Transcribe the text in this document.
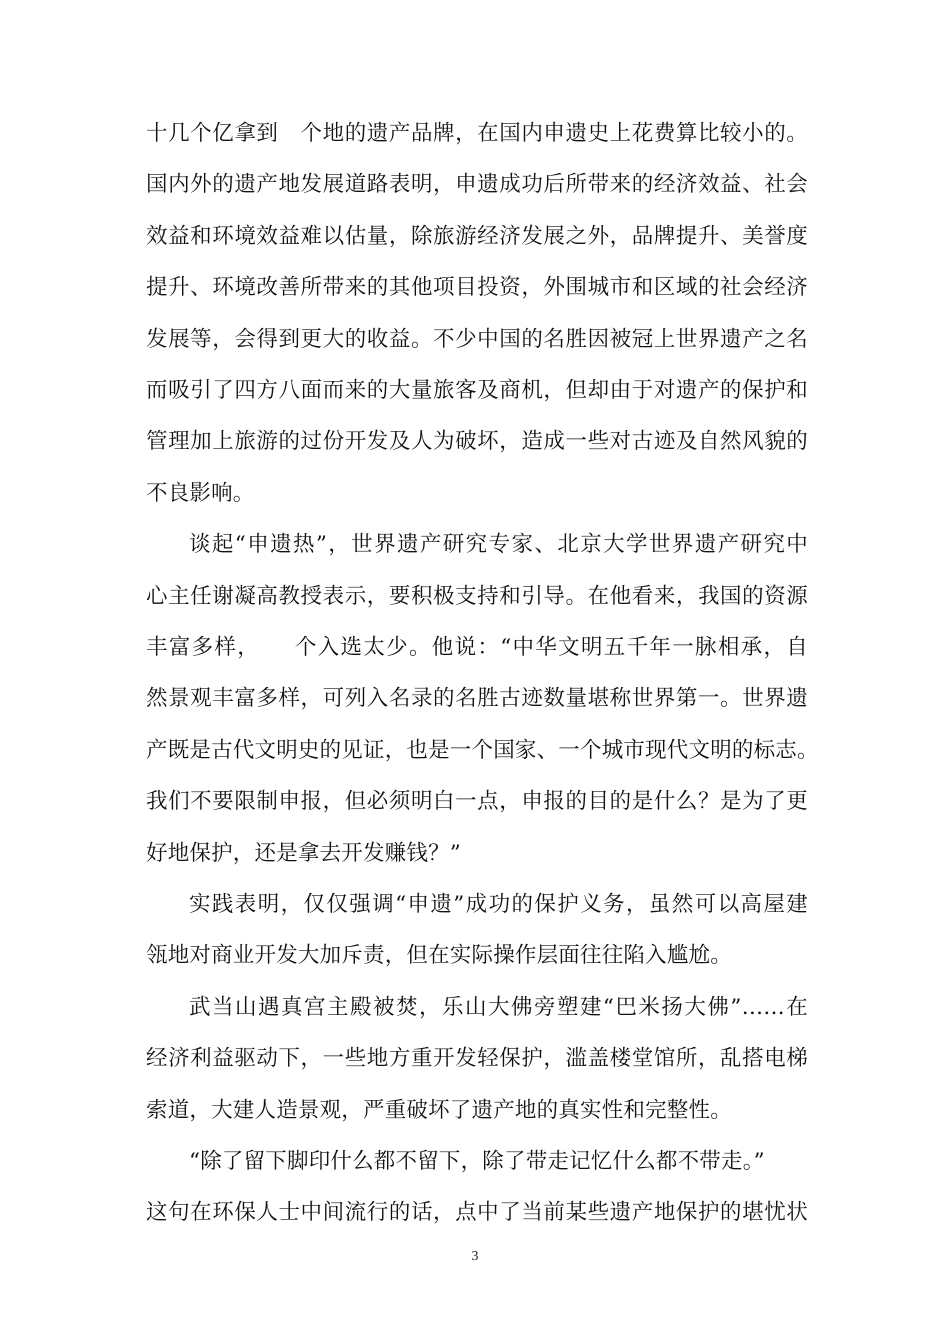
十几个亿拿到　个地的遗产品牌，在国内申遗史上花费算比较小的。
国内外的遗产地发展道路表明，申遗成功后所带来的经济效益、社会
效益和环境效益难以估量，除旅游经济发展之外，品牌提升、美誉度
提升、环境改善所带来的其他项目投资，外围城市和区域的社会经济
发展等，会得到更大的收益。不少中国的名胜因被冠上世界遗产之名
而吸引了四方八面而来的大量旅客及商机，但却由于对遗产的保护和
管理加上旅游的过份开发及人为破坏，造成一些对古迹及自然风貌的
不良影响。
谈起“申遗热”，世界遗产研究专家、北京大学世界遗产研究中
心主任谢凝高教授表示，要积极支持和引导。在他看来，我国的资源
丰富多样，　　个入选太少。他说：“中华文明五千年一脉相承，自
然景观丰富多样，可列入名录的名胜古迹数量堪称世界第一。世界遗
产既是古代文明史的见证，也是一个国家、一个城市现代文明的标志。
我们不要限制申报，但必须明白一点，申报的目的是什么？是为了更
好地保护，还是拿去开发赚钱？”
实践表明，仅仅强调“申遗”成功的保护义务，虽然可以高屋建
瓴地对商业开发大加斥责，但在实际操作层面往往陷入尴尬。
武当山遇真宫主殿被焚，乐山大佛旁塑建“巴米扬大佛”……在
经济利益驱动下，一些地方重开发轻保护，滥盖楼堂馆所，乱搭电梯
索道，大建人造景观，严重破坏了遗产地的真实性和完整性。
“除了留下脚印什么都不留下，除了带走记忆什么都不带走。”
这句在环保人士中间流行的话，点中了当前某些遗产地保护的堪忧状
3
